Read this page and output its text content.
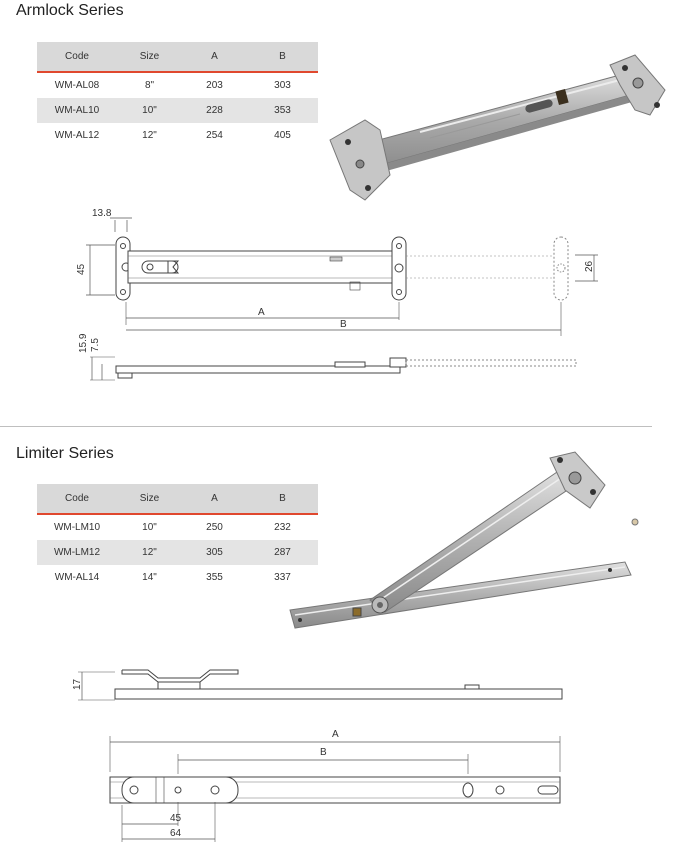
Armlock Series
Code	Size	A	B
WM-AL08	8"	203	303
WM-AL10	10"	228	353
WM-AL12	12"	254	405
13.8
45	26
A
B
15.9 7.5
Limiter Series
Code	Size	A	B
WM-LM10	10"	250	232
WM-LM12	12"	305	287
WM-AL14	14"	355	337
17
A
B
45
64
